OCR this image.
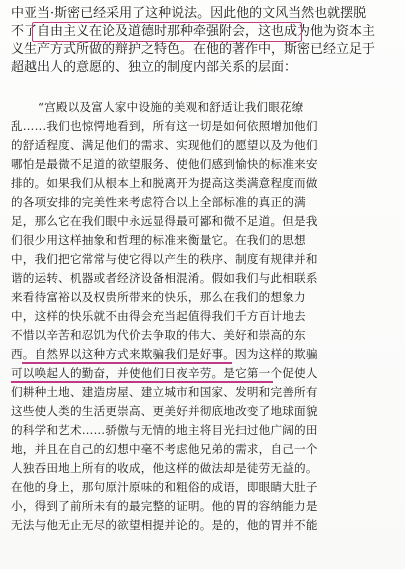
中亚当·斯密已经采用了这种说法。因此他的文风当然也就摆脱
不了自由主义在论及道德时那种牵强附会，这也成为他为资本主
义生产方式所做的辩护之特色。在他的著作中，斯密已经立足于
超越出人的意愿的、独立的制度内部关系的层面：
“宫殿以及富人家中设施的美观和舒适让我们眼花缭
乱……我们也惊愕地看到，所有这一切是如何依照增加他们
的舒适程度、满足他们的需求、实现他们的愿望以及为他们
哪怕是最微不足道的欲望服务、使他们感到愉快的标准来安
排的。如果我们从根本上和脱离开为提高这类满意程度而做
的各项安排的完美性来考虑符合以上全部标准的真正的满
足，那么它在我们眼中永远显得最可鄙和微不足道。但是我
们很少用这样抽象和哲理的标准来衡量它。在我们的思想
中，我们把它常常与使它得以产生的秩序、制度有规律并和
谐的运转、机器或者经济设备相混淆。假如我们与此相联系
来看待富裕以及权贵所带来的快乐，那么在我们的想象力
中，这样的快乐就不由得会充当起值得我们千方百计地去
不惜以辛苦和忍饥为代价去争取的伟大、美好和崇高的东
西。自然界以这种方式来欺骗我们是好事。因为这样的欺骗
可以唤起人的勤奋，并使他们日夜辛劳。是它第一个促使人
们耕种土地、建造房屋、建立城市和国家、发明和完善所有
这些使人类的生活更崇高、更美好并彻底地改变了地球面貌
的科学和艺术……骄傲与无情的地主将目光扫过他广阔的田
地，并且在自己的幻想中毫不考虑他兄弟的需求，自己一个
人独吞田地上所有的收成，他这样的做法却是徒劳无益的。
在他的身上，那句原汁原味的和粗俗的成语，即眼睛大肚子
小，得到了前所未有的最完整的证明。他的胃的容纳能力是
无法与他无止无尽的欲望相提并论的。是的，他的胃并不能
